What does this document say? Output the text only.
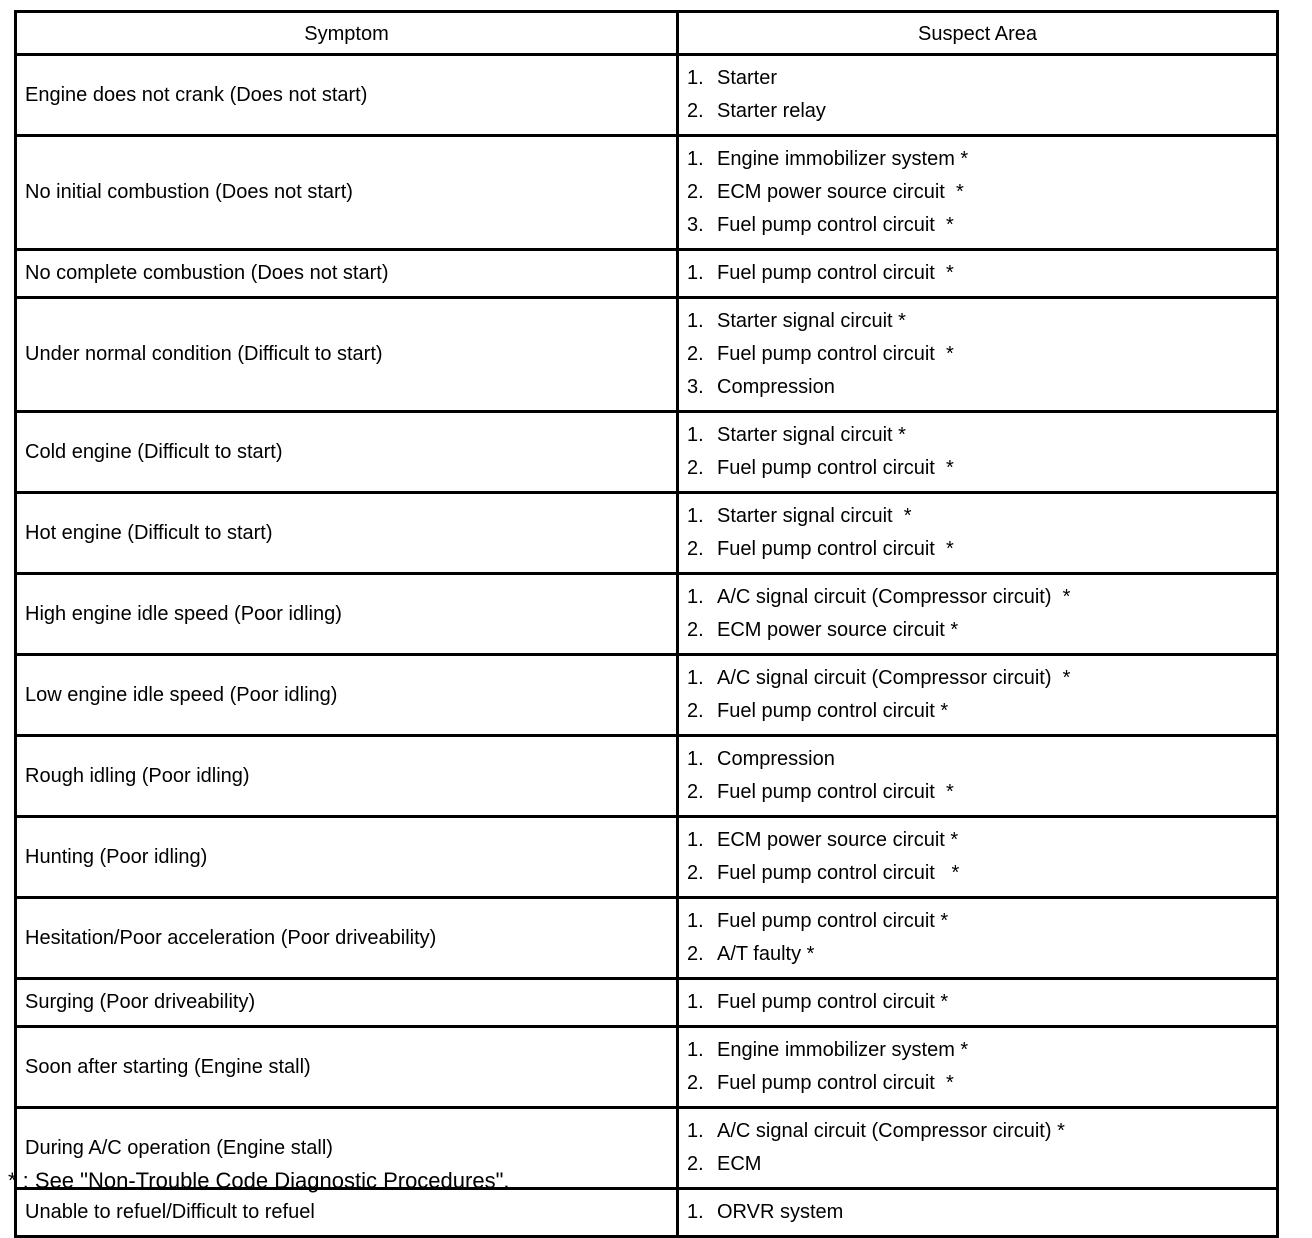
Symptom	Suspect Area
Engine does not crank (Does not start)	1. Starter
2. Starter relay

No initial combustion (Does not start)	1. Engine immobilizer system *
2. ECM power source circuit  *
3. Fuel pump control circuit  *

No complete combustion (Does not start)	1. Fuel pump control circuit  *

Under normal condition (Difficult to start)	1. Starter signal circuit *
2. Fuel pump control circuit  *
3. Compression

Cold engine (Difficult to start)	1. Starter signal circuit *
2. Fuel pump control circuit  *

Hot engine (Difficult to start)	1. Starter signal circuit  *
2. Fuel pump control circuit  *

High engine idle speed (Poor idling)	1. A/C signal circuit (Compressor circuit)  *
2. ECM power source circuit *

Low engine idle speed (Poor idling)	1. A/C signal circuit (Compressor circuit)  *
2. Fuel pump control circuit *

Rough idling (Poor idling)	1. Compression
2. Fuel pump control circuit  *

Hunting (Poor idling)	1. ECM power source circuit *
2. Fuel pump control circuit   *

Hesitation/Poor acceleration (Poor driveability)	1. Fuel pump control circuit *
2. A/T faulty *

Surging (Poor driveability)	1. Fuel pump control circuit *

Soon after starting (Engine stall)	1. Engine immobilizer system *
2. Fuel pump control circuit  *

During A/C operation (Engine stall)	1. A/C signal circuit (Compressor circuit) *
2. ECM

Unable to refuel/Difficult to refuel	1. ORVR system
* : See "Non-Trouble Code Diagnostic Procedures".
